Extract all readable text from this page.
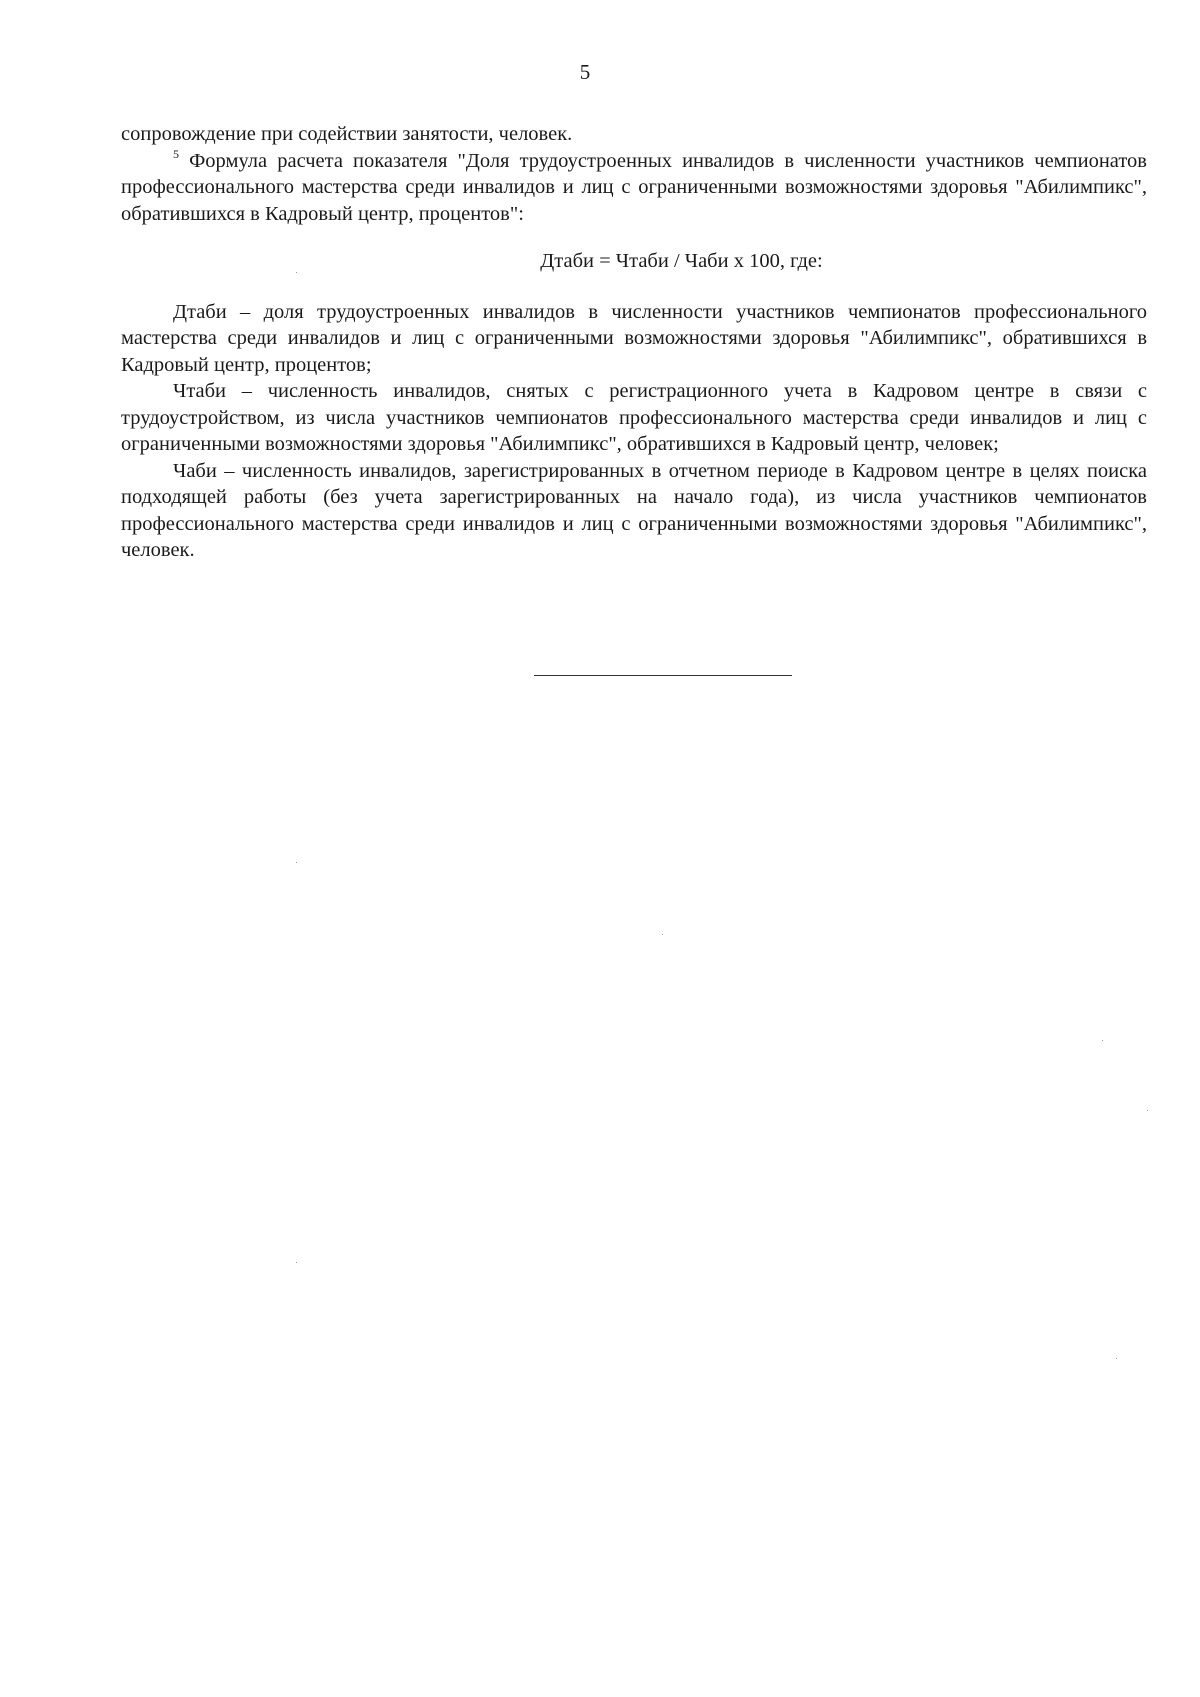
5

сопровождение при содействии занятости, человек.

$^5$ Формула расчета показателя "Доля трудоустроенных инвалидов в численности участников чемпионатов профессионального мастерства среди инвалидов и лиц с ограниченными возможностями здоровья "Абилимпикс", обратившихся в Кадровый центр, процентов":

Дтаби = Чтаби / Чаби х 100, где:

Дтаби – доля трудоустроенных инвалидов в численности участников чемпионатов профессионального мастерства среди инвалидов и лиц с ограниченными возможностями здоровья "Абилимпикс", обратившихся в Кадровый центр, процентов;

Чтаби – численность инвалидов, снятых с регистрационного учета в Кадровом центре в связи с трудоустройством, из числа участников чемпионатов профессионального мастерства среди инвалидов и лиц с ограниченными возможностями здоровья "Абилимпикс", обратившихся в Кадровый центр, человек;

Чаби – численность инвалидов, зарегистрированных в отчетном периоде в Кадровом центре в целях поиска подходящей работы (без учета зарегистрированных на начало года), из числа участников чемпионатов профессионального мастерства среди инвалидов и лиц с ограниченными возможностями здоровья "Абилимпикс", человек.
